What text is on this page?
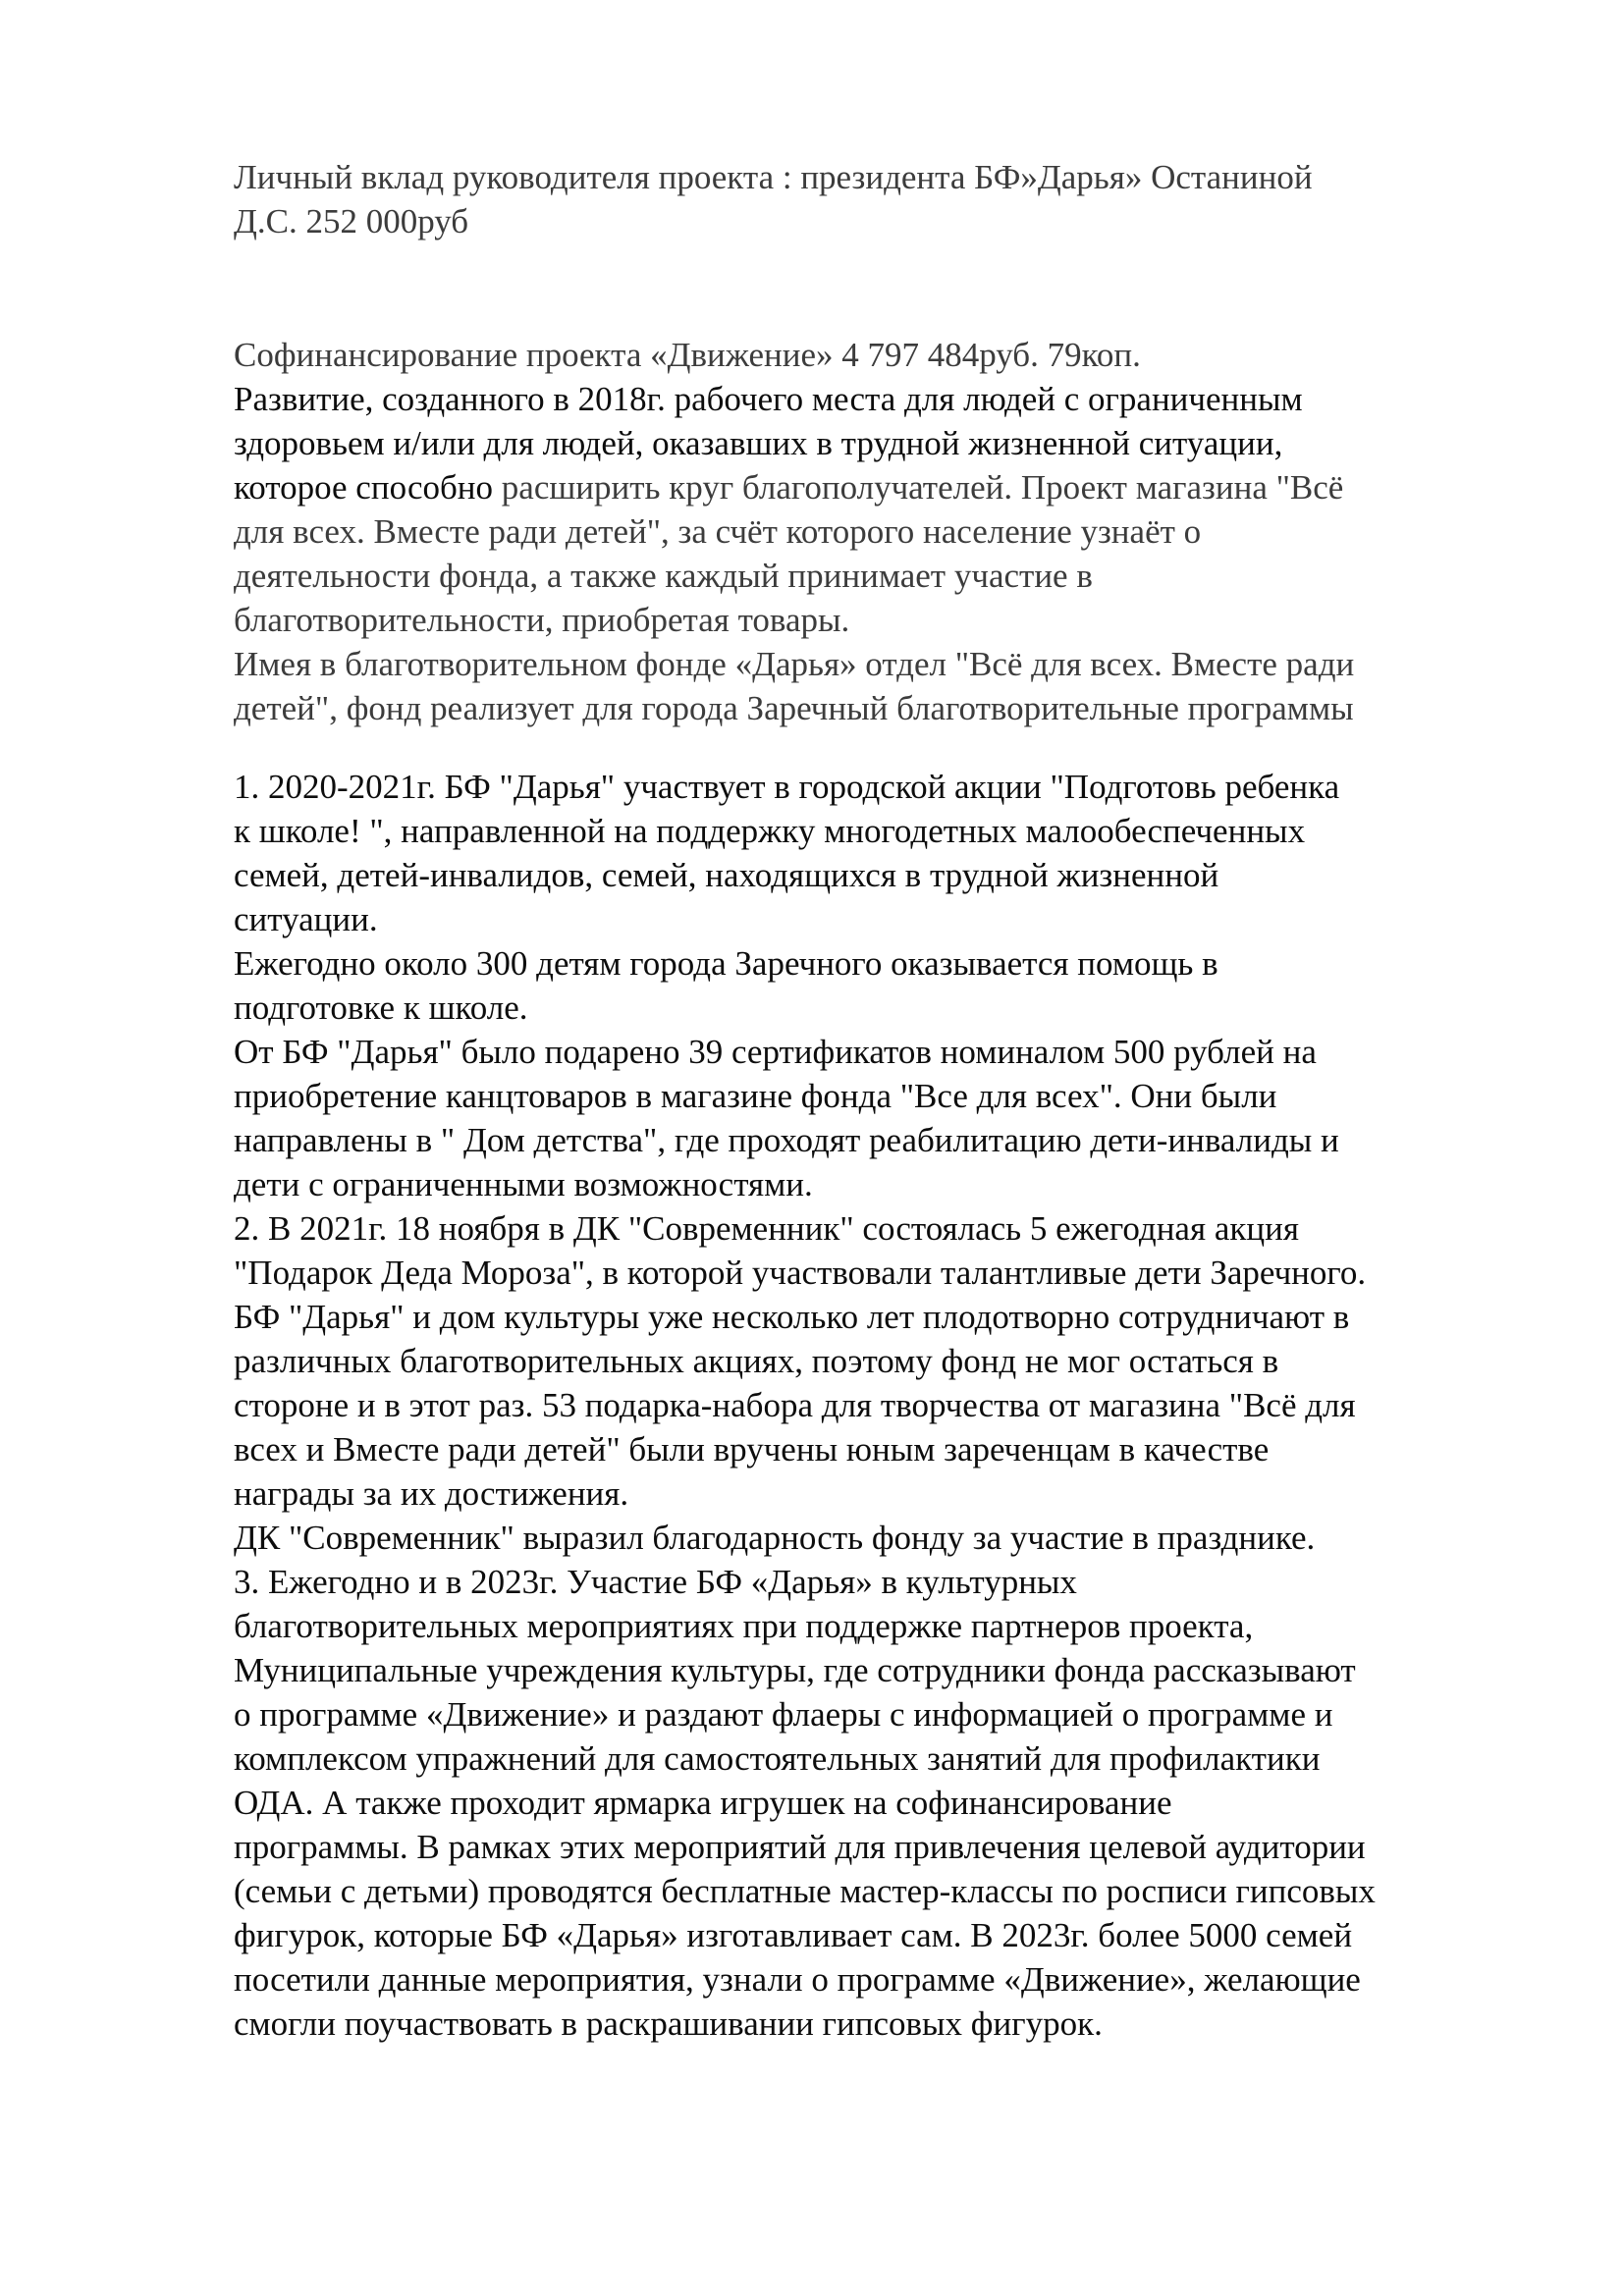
Личный вклад руководителя проекта : президента БФ»Дарья» Останиной
Д.С. 252 000руб
Софинансирование проекта «Движение» 4 797 484руб. 79коп.
Развитие, созданного в 2018г. рабочего места для людей с ограниченным
здоровьем и/или для людей, оказавших в трудной жизненной ситуации,
которое способно расширить круг благополучателей. Проект магазина "Всё
для всех. Вместе ради детей", за счёт которого население узнаёт о
деятельности фонда, а также каждый принимает участие в
благотворительности, приобретая товары.
Имея в благотворительном фонде «Дарья» отдел "Всё для всех. Вместе ради
детей", фонд реализует для города Заречный благотворительные программы
1. 2020-2021г. БФ "Дарья" участвует в городской акции "Подготовь ребенка
к школе! ", направленной на поддержку многодетных малообеспеченных
семей, детей-инвалидов, семей, находящихся в трудной жизненной
ситуации.
Ежегодно около 300 детям города Заречного оказывается помощь в
подготовке к школе.
От БФ "Дарья" было подарено 39 сертификатов номиналом 500 рублей на
приобретение канцтоваров в магазине фонда "Все для всех". Они были
направлены в " Дом детства", где проходят реабилитацию дети-инвалиды и
дети с ограниченными возможностями.
2. В 2021г. 18 ноября в ДК "Современник" состоялась 5 ежегодная акция
"Подарок Деда Мороза", в которой участвовали талантливые дети Заречного.
БФ "Дарья" и дом культуры уже несколько лет плодотворно сотрудничают в
различных благотворительных акциях, поэтому фонд не мог остаться в
стороне и в этот раз. 53 подарка-набора для творчества от магазина "Всё для
всех и Вместе ради детей" были вручены юным зареченцам в качестве
награды за их достижения.
ДК "Современник" выразил благодарность фонду за участие в празднике.
3. Ежегодно и в 2023г. Участие БФ «Дарья» в культурных
благотворительных мероприятиях при поддержке партнеров проекта,
Муниципальные учреждения культуры, где сотрудники фонда рассказывают
о программе «Движение» и раздают флаеры с информацией о программе и
комплексом упражнений для самостоятельных занятий для профилактики
ОДА. А также проходит ярмарка игрушек на софинансирование
программы. В рамках этих мероприятий для привлечения целевой аудитории
(семьи с детьми) проводятся бесплатные мастер-классы по росписи гипсовых
фигурок, которые БФ «Дарья» изготавливает сам. В 2023г. более 5000 семей
посетили данные мероприятия, узнали о программе «Движение», желающие
смогли поучаствовать в раскрашивании гипсовых фигурок.
